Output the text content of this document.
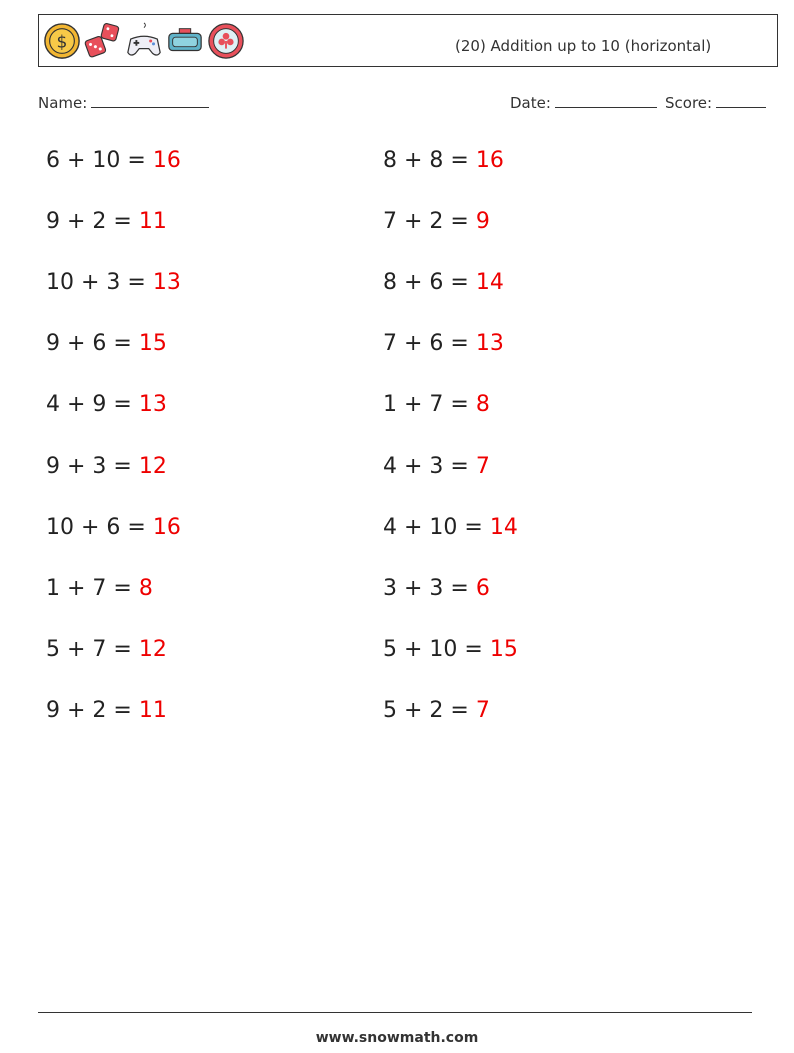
$	(20) Addition up to 10 (horizontal)
Name:	Date:	Score:
6 + 10 = 16
9 + 2 = 11
10 + 3 = 13
9 + 6 = 15
4 + 9 = 13
9 + 3 = 12
10 + 6 = 16
1 + 7 = 8
5 + 7 = 12
9 + 2 = 11
8 + 8 = 16
7 + 2 = 9
8 + 6 = 14
7 + 6 = 13
1 + 7 = 8
4 + 3 = 7
4 + 10 = 14
3 + 3 = 6
5 + 10 = 15
5 + 2 = 7
www.snowmath.com
